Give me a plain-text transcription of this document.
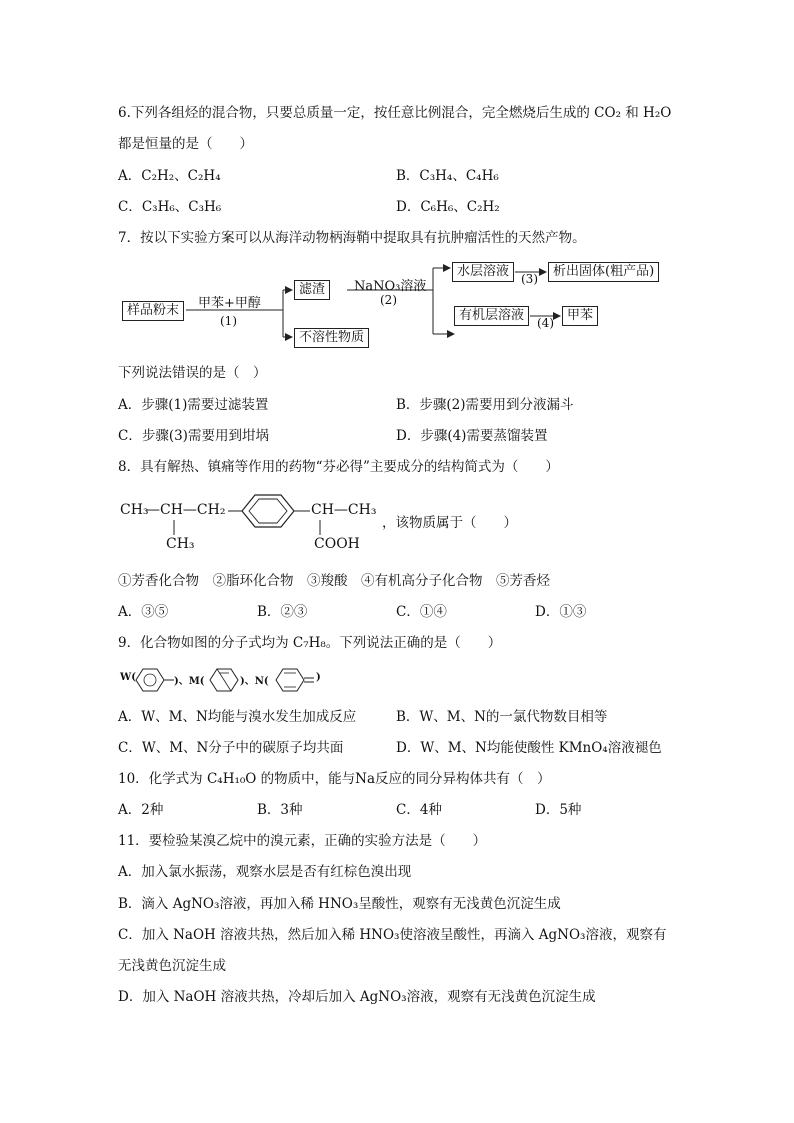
6.下列各组烃的混合物，只要总质量一定，按任意比例混合，完全燃烧后生成的 CO₂ 和 H₂O
都是恒量的是（　　）
A．C₂H₂、C₂H₄	B．C₃H₄、C₄H₆
C．C₃H₆、C₃H₆	D．C₆H₆、C₂H₂
7．按以下实验方案可以从海洋动物柄海鞘中提取具有抗肿瘤活性的天然产物。
样品粉末	甲苯+甲醇
(1)
滤渣
不溶性物质
NaNO₃溶液
(2)
水层溶液 (3)	析出固体(粗产品)
有机层溶液	(4)	甲苯
下列说法错误的是（　）
A．步骤(1)需要过滤装置	B．步骤(2)需要用到分液漏斗
C．步骤(3)需要用到坩埚	D．步骤(4)需要蒸馏装置
8．具有解热、镇痛等作用的药物“芬必得”主要成分的结构简式为（　　）
CH₃
—CH—CH₂
CH₃
CH—CH₃
COOH
，该物质属于（　　）
①芳香化合物　②脂环化合物　③羧酸　④有机高分子化合物　⑤芳香烃
A．③⑤	B．②③	C．①④	D．①③
9．化合物如图的分子式均为 C₇H₈。下列说法正确的是（　　）
W(	)、M(	)、N(	)
A．W、M、N均能与溴水发生加成反应	B．W、M、N的一氯代物数目相等
C．W、M、N分子中的碳原子均共面	D．W、M、N均能使酸性 KMnO₄溶液褪色
10．化学式为 C₄H₁₀O 的物质中，能与Na反应的同分异构体共有（　）
A．2种	B．3种	C．4种	D．5种
11．要检验某溴乙烷中的溴元素，正确的实验方法是（　　）
A．加入氯水振荡，观察水层是否有红棕色溴出现
B．滴入 AgNO₃溶液，再加入稀 HNO₃呈酸性，观察有无浅黄色沉淀生成
C．加入 NaOH 溶液共热，然后加入稀 HNO₃使溶液呈酸性，再滴入 AgNO₃溶液，观察有
无浅黄色沉淀生成
D．加入 NaOH 溶液共热，冷却后加入 AgNO₃溶液，观察有无浅黄色沉淀生成
